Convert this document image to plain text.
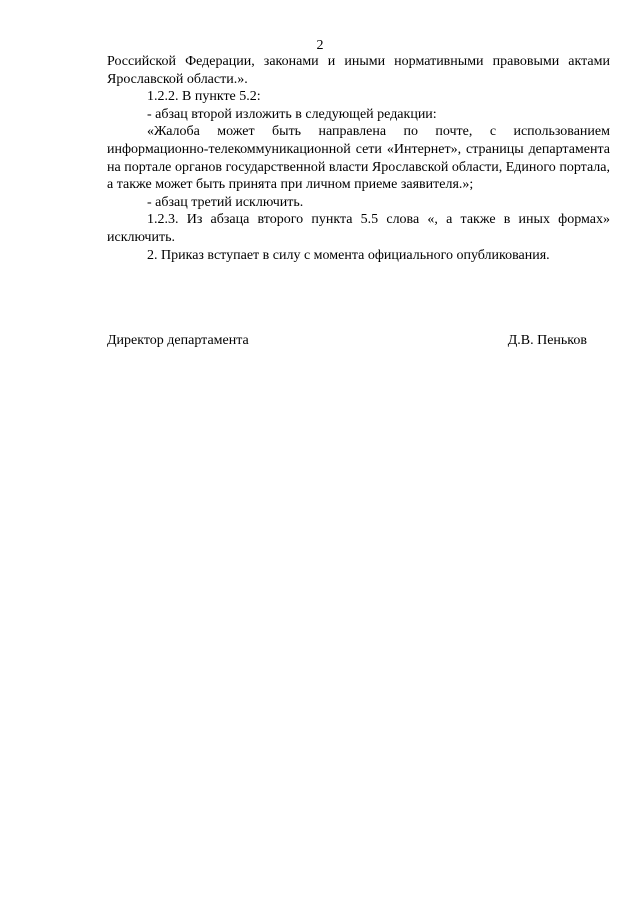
2

Российской Федерации, законами и иными нормативными правовыми актами Ярославской области.».

1.2.2. В пункте 5.2:

- абзац второй изложить в следующей редакции:

«Жалоба может быть направлена по почте, с использованием информационно-телекоммуникационной сети «Интернет», страницы департамента на портале органов государственной власти Ярославской области, Единого портала, а также может быть принята при личном приеме заявителя.»;

- абзац третий исключить.

1.2.3. Из абзаца второго пункта 5.5 слова «, а также в иных формах» исключить.

2. Приказ вступает в силу с момента официального опубликования.

Директор департамента	Д.В. Пеньков
